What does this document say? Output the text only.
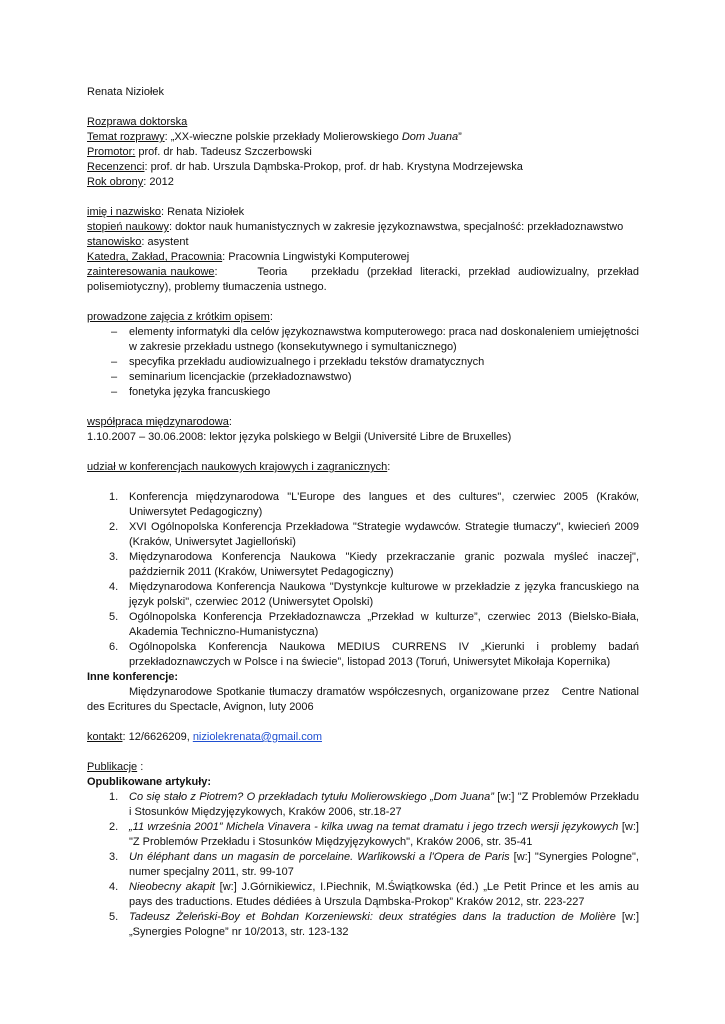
Renata Niziołek

Rozprawa doktorska

Temat rozprawy: „XX-wieczne polskie przekłady Molierowskiego Dom Juana”

Promotor: prof. dr hab. Tadeusz Szczerbowski

Recenzenci: prof. dr hab. Urszula Dąmbska-Prokop, prof. dr hab. Krystyna Modrzejewska

Rok obrony: 2012

imię i nazwisko: Renata Niziołek

stopień naukowy: doktor nauk humanistycznych w zakresie językoznawstwa, specjalność: przekładoznawstwo

stanowisko: asystent

Katedra, Zakład, Pracownia: Pracownia Lingwistyki Komputerowej

zainteresowania naukowe:          Teoria      przekładu  (przekład  literacki,  przekład  audiowizualny,  przekład

polisemiotyczny), problemy tłumaczenia ustnego.

prowadzone zajęcia z krótkim opisem:

– elementy informatyki dla celów językoznawstwa komputerowego: praca nad doskonaleniem umiejętności w zakresie przekładu ustnego (konsekutywnego i symultanicznego)
– specyfika przekładu audiowizualnego i przekładu tekstów dramatycznych
– seminarium licencjackie (przekładoznawstwo)
– fonetyka języka francuskiego

współpraca międzynarodowa:

1.10.2007 – 30.06.2008: lektor języka polskiego w Belgii (Université Libre de Bruxelles)

udział w konferencjach naukowych krajowych i zagranicznych:

1. Konferencja międzynarodowa "L'Europe des langues et des cultures", czerwiec 2005 (Kraków, Uniwersytet Pedagogiczny)
2. XVI Ogólnopolska Konferencja Przekładowa "Strategie wydawców. Strategie tłumaczy", kwiecień 2009 (Kraków, Uniwersytet Jagielloński)
3. Międzynarodowa Konferencja Naukowa "Kiedy przekraczanie granic pozwala myśleć inaczej", październik 2011 (Kraków, Uniwersytet Pedagogiczny)
4. Międzynarodowa Konferencja Naukowa "Dystynkcje kulturowe w przekładzie z języka francuskiego na język polski", czerwiec 2012 (Uniwersytet Opolski)
5. Ogólnopolska Konferencja Przekładoznawcza „Przekład w kulturze”, czerwiec 2013 (Bielsko-Biała, Akademia Techniczno-Humanistyczna)
6. Ogólnopolska Konferencja Naukowa MEDIUS CURRENS IV „Kierunki i problemy badań przekładoznawczych w Polsce i na świecie”, listopad 2013 (Toruń, Uniwersytet Mikołaja Kopernika)

Inne konferencje:

Międzynarodowe Spotkanie tłumaczy dramatów współczesnych, organizowane przez   Centre National

des Ecritures du Spectacle, Avignon, luty 2006

kontakt: 12/6626209, niziolekrenata@gmail.com

Publikacje :

Opublikowane artykuły:

1. Co się stało z Piotrem? O przekładach tytułu Molierowskiego „Dom Juana” [w:] "Z Problemów Przekładu i Stosunków Międzyjęzykowych, Kraków 2006, str.18-27
2. „11 września 2001” Michela Vinavera - kilka uwag na temat dramatu i jego trzech wersji językowych [w:] "Z Problemów Przekładu i Stosunków Międzyjęzykowych", Kraków 2006, str. 35-41
3. Un éléphant dans un magasin de porcelaine. Warlikowski a l'Opera de Paris [w:] "Synergies Pologne", numer specjalny 2011, str. 99-107
4. Nieobecny akapit [w:] J.Górnikiewicz, I.Piechnik, M.Świątkowska (éd.) „Le Petit Prince et les amis au pays des traductions. Etudes dédiées à Urszula Dąmbska-Prokop” Kraków 2012, str. 223-227
5. Tadeusz Żeleński-Boy et Bohdan Korzeniewski: deux stratégies dans la traduction de Molière [w:] „Synergies Pologne” nr 10/2013, str. 123-132
